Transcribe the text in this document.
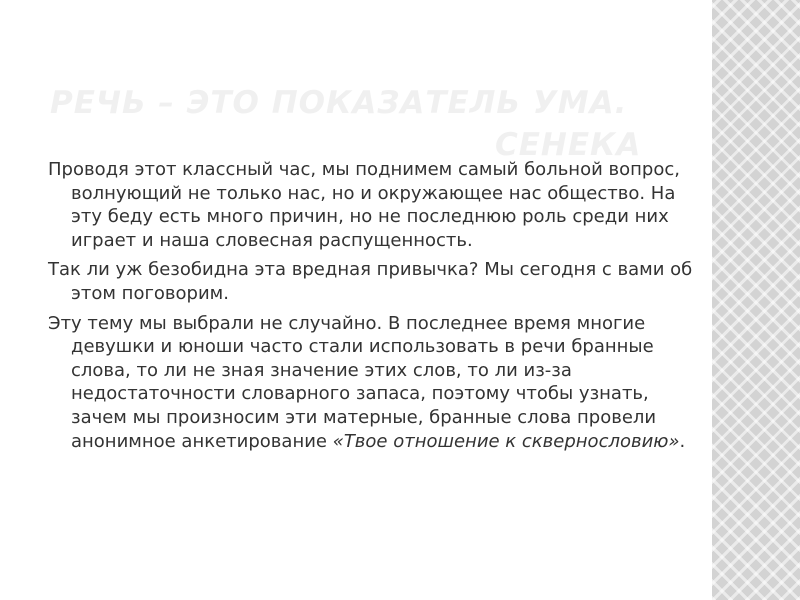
РЕЧЬ – ЭТО ПОКАЗАТЕЛЬ УМА.
СЕНЕКА

Проводя этот классный час, мы поднимем самый больной вопрос, волнующий не только нас, но и окружающее нас общество. На эту беду есть много причин, но не последнюю роль среди них играет и наша словесная распущенность.

Так ли уж безобидна эта вредная привычка? Мы сегодня с вами об этом поговорим.

Эту тему мы выбрали не случайно. В последнее время многие девушки и юноши часто стали использовать в речи бранные слова, то ли не зная значение этих слов, то ли из-за недостаточности словарного запаса, поэтому чтобы узнать, зачем мы произносим эти матерные, бранные слова провели анонимное анкетирование «Твое отношение к сквернословию».
